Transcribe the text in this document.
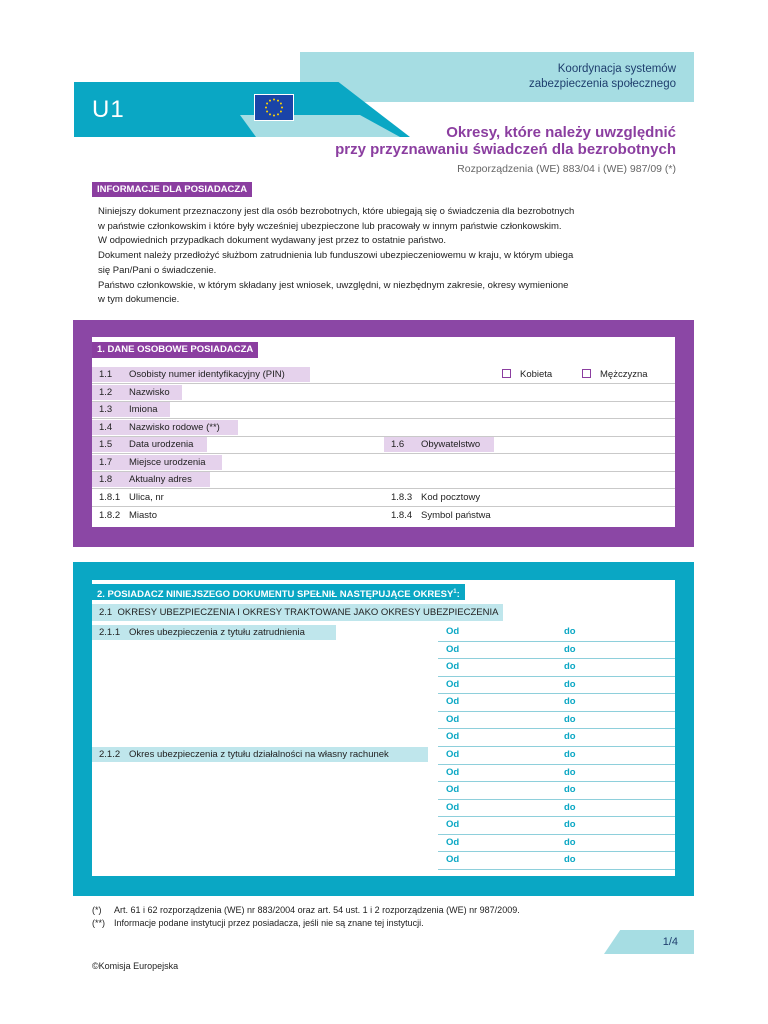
U1
Koordynacja systemów
zabezpieczenia społecznego
Okresy, które należy uwzględnić
przy przyznawaniu świadczeń dla bezrobotnych
Rozporządzenia (WE) 883/04 i (WE) 987/09 (*)
INFORMACJE DLA POSIADACZA

Niniejszy dokument przeznaczony jest dla osób bezrobotnych, które ubiegają się o świadczenia dla bezrobotnych

w państwie członkowskim i które były wcześniej ubezpieczone lub pracowały w innym państwie członkowskim.

W odpowiednich przypadkach dokument wydawany jest przez to ostatnie państwo.

Dokument należy przedłożyć służbom zatrudnienia lub funduszowi ubezpieczeniowemu w kraju, w którym ubiega

się Pan/Pani o świadczenie.

Państwo członkowskie, w którym składany jest wniosek, uwzględni, w niezbędnym zakresie, okresy wymienione

w tym dokumencie.

1. DANE OSOBOWE POSIADACZA
1.1 Osobisty numer identyfikacyjny (PIN)	Kobieta	Mężczyzna
1.2 Nazwisko
1.3 Imiona
1.4 Nazwisko rodowe (**)
1.5 Data urodzenia	1.6 Obywatelstwo
1.7 Miejsce urodzenia
1.8 Aktualny adres
1.8.1 Ulica, nr	1.8.3 Kod pocztowy
1.8.2 Miasto	1.8.4 Symbol państwa
2. POSIADACZ NINIEJSZEGO DOKUMENTU SPEŁNIŁ NASTĘPUJĄCE OKRESY$^1$:
2.1 OKRESY UBEZPIECZENIA I OKRESY TRAKTOWANE JAKO OKRESY UBEZPIECZENIA
2.1.1 Okres ubezpieczenia z tytułu zatrudnienia
2.1.2 Okres ubezpieczenia z tytułu działalności na własny rachunek
Od	do
Od	do
Od	do
Od	do
Od	do
Od	do
Od	do
Od	do
Od	do
Od	do
Od	do
Od	do
Od	do
Od	do
(*) Art. 61 i 62 rozporządzenia (WE) nr 883/2004 oraz art. 54 ust. 1 i 2 rozporządzenia (WE) nr 987/2009.
(**) Informacje podane instytucji przez posiadacza, jeśli nie są znane tej instytucji.
1/4
©Komisja Europejska
